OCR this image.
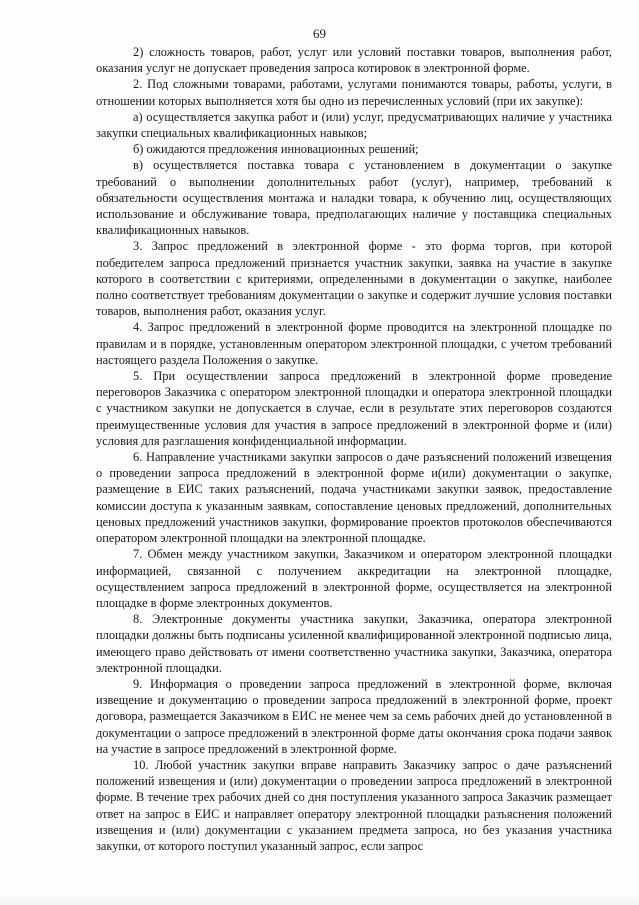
69

2) сложность товаров, работ, услуг или условий поставки товаров, выполнения работ, оказания услуг не допускает проведения запроса котировок в электронной форме.

2. Под сложными товарами, работами, услугами понимаются товары, работы, услуги, в отношении которых выполняется хотя бы одно из перечисленных условий (при их закупке):

а) осуществляется закупка работ и (или) услуг, предусматривающих наличие у участника закупки специальных квалификационных навыков;

б) ожидаются предложения инновационных решений;

в) осуществляется поставка товара с установлением в документации о закупке требований о выполнении дополнительных работ (услуг), например, требований к обязательности осуществления монтажа и наладки товара, к обучению лиц, осуществляющих использование и обслуживание товара, предполагающих наличие у поставщика специальных квалификационных навыков.

3. Запрос предложений в электронной форме - это форма торгов, при которой победителем запроса предложений признается участник закупки, заявка на участие в закупке которого в соответствии с критериями, определенными в документации о закупке, наиболее полно соответствует требованиям документации о закупке и содержит лучшие условия поставки товаров, выполнения работ, оказания услуг.

4. Запрос предложений в электронной форме проводится на электронной площадке по правилам и в порядке, установленным оператором электронной площадки, с учетом требований настоящего раздела Положения о закупке.

5. При осуществлении запроса предложений в электронной форме проведение переговоров Заказчика с оператором электронной площадки и оператора электронной площадки с участником закупки не допускается в случае, если в результате этих переговоров создаются преимущественные условия для участия в запросе предложений в электронной форме и (или) условия для разглашения конфиденциальной информации.

6. Направление участниками закупки запросов о даче разъяснений положений извещения о проведении запроса предложений в электронной форме и(или) документации о закупке, размещение в ЕИС таких разъяснений, подача участниками закупки заявок, предоставление комиссии доступа к указанным заявкам, сопоставление ценовых предложений, дополнительных ценовых предложений участников закупки, формирование проектов протоколов обеспечиваются оператором электронной площадки на электронной площадке.

7. Обмен между участником закупки, Заказчиком и оператором электронной площадки информацией, связанной с получением аккредитации на электронной площадке, осуществлением запроса предложений в электронной форме, осуществляется на электронной площадке в форме электронных документов.

8. Электронные документы участника закупки, Заказчика, оператора электронной площадки должны быть подписаны усиленной квалифицированной электронной подписью лица, имеющего право действовать от имени соответственно участника закупки, Заказчика, оператора электронной площадки.

9. Информация о проведении запроса предложений в электронной форме, включая извещение и документацию о проведении запроса предложений в электронной форме, проект договора, размещается Заказчиком в ЕИС не менее чем за семь рабочих дней до установленной в документации о запросе предложений в электронной форме даты окончания срока подачи заявок на участие в запросе предложений в электронной форме.

10. Любой участник закупки вправе направить Заказчику запрос о даче разъяснений положений извещения и (или) документации о проведении запроса предложений в электронной форме. В течение трех рабочих дней со дня поступления указанного запроса Заказчик размещает ответ на запрос в ЕИС и направляет оператору электронной площадки разъяснения положений извещения и (или) документации с указанием предмета запроса, но без указания участника закупки, от которого поступил указанный запрос, если запрос
